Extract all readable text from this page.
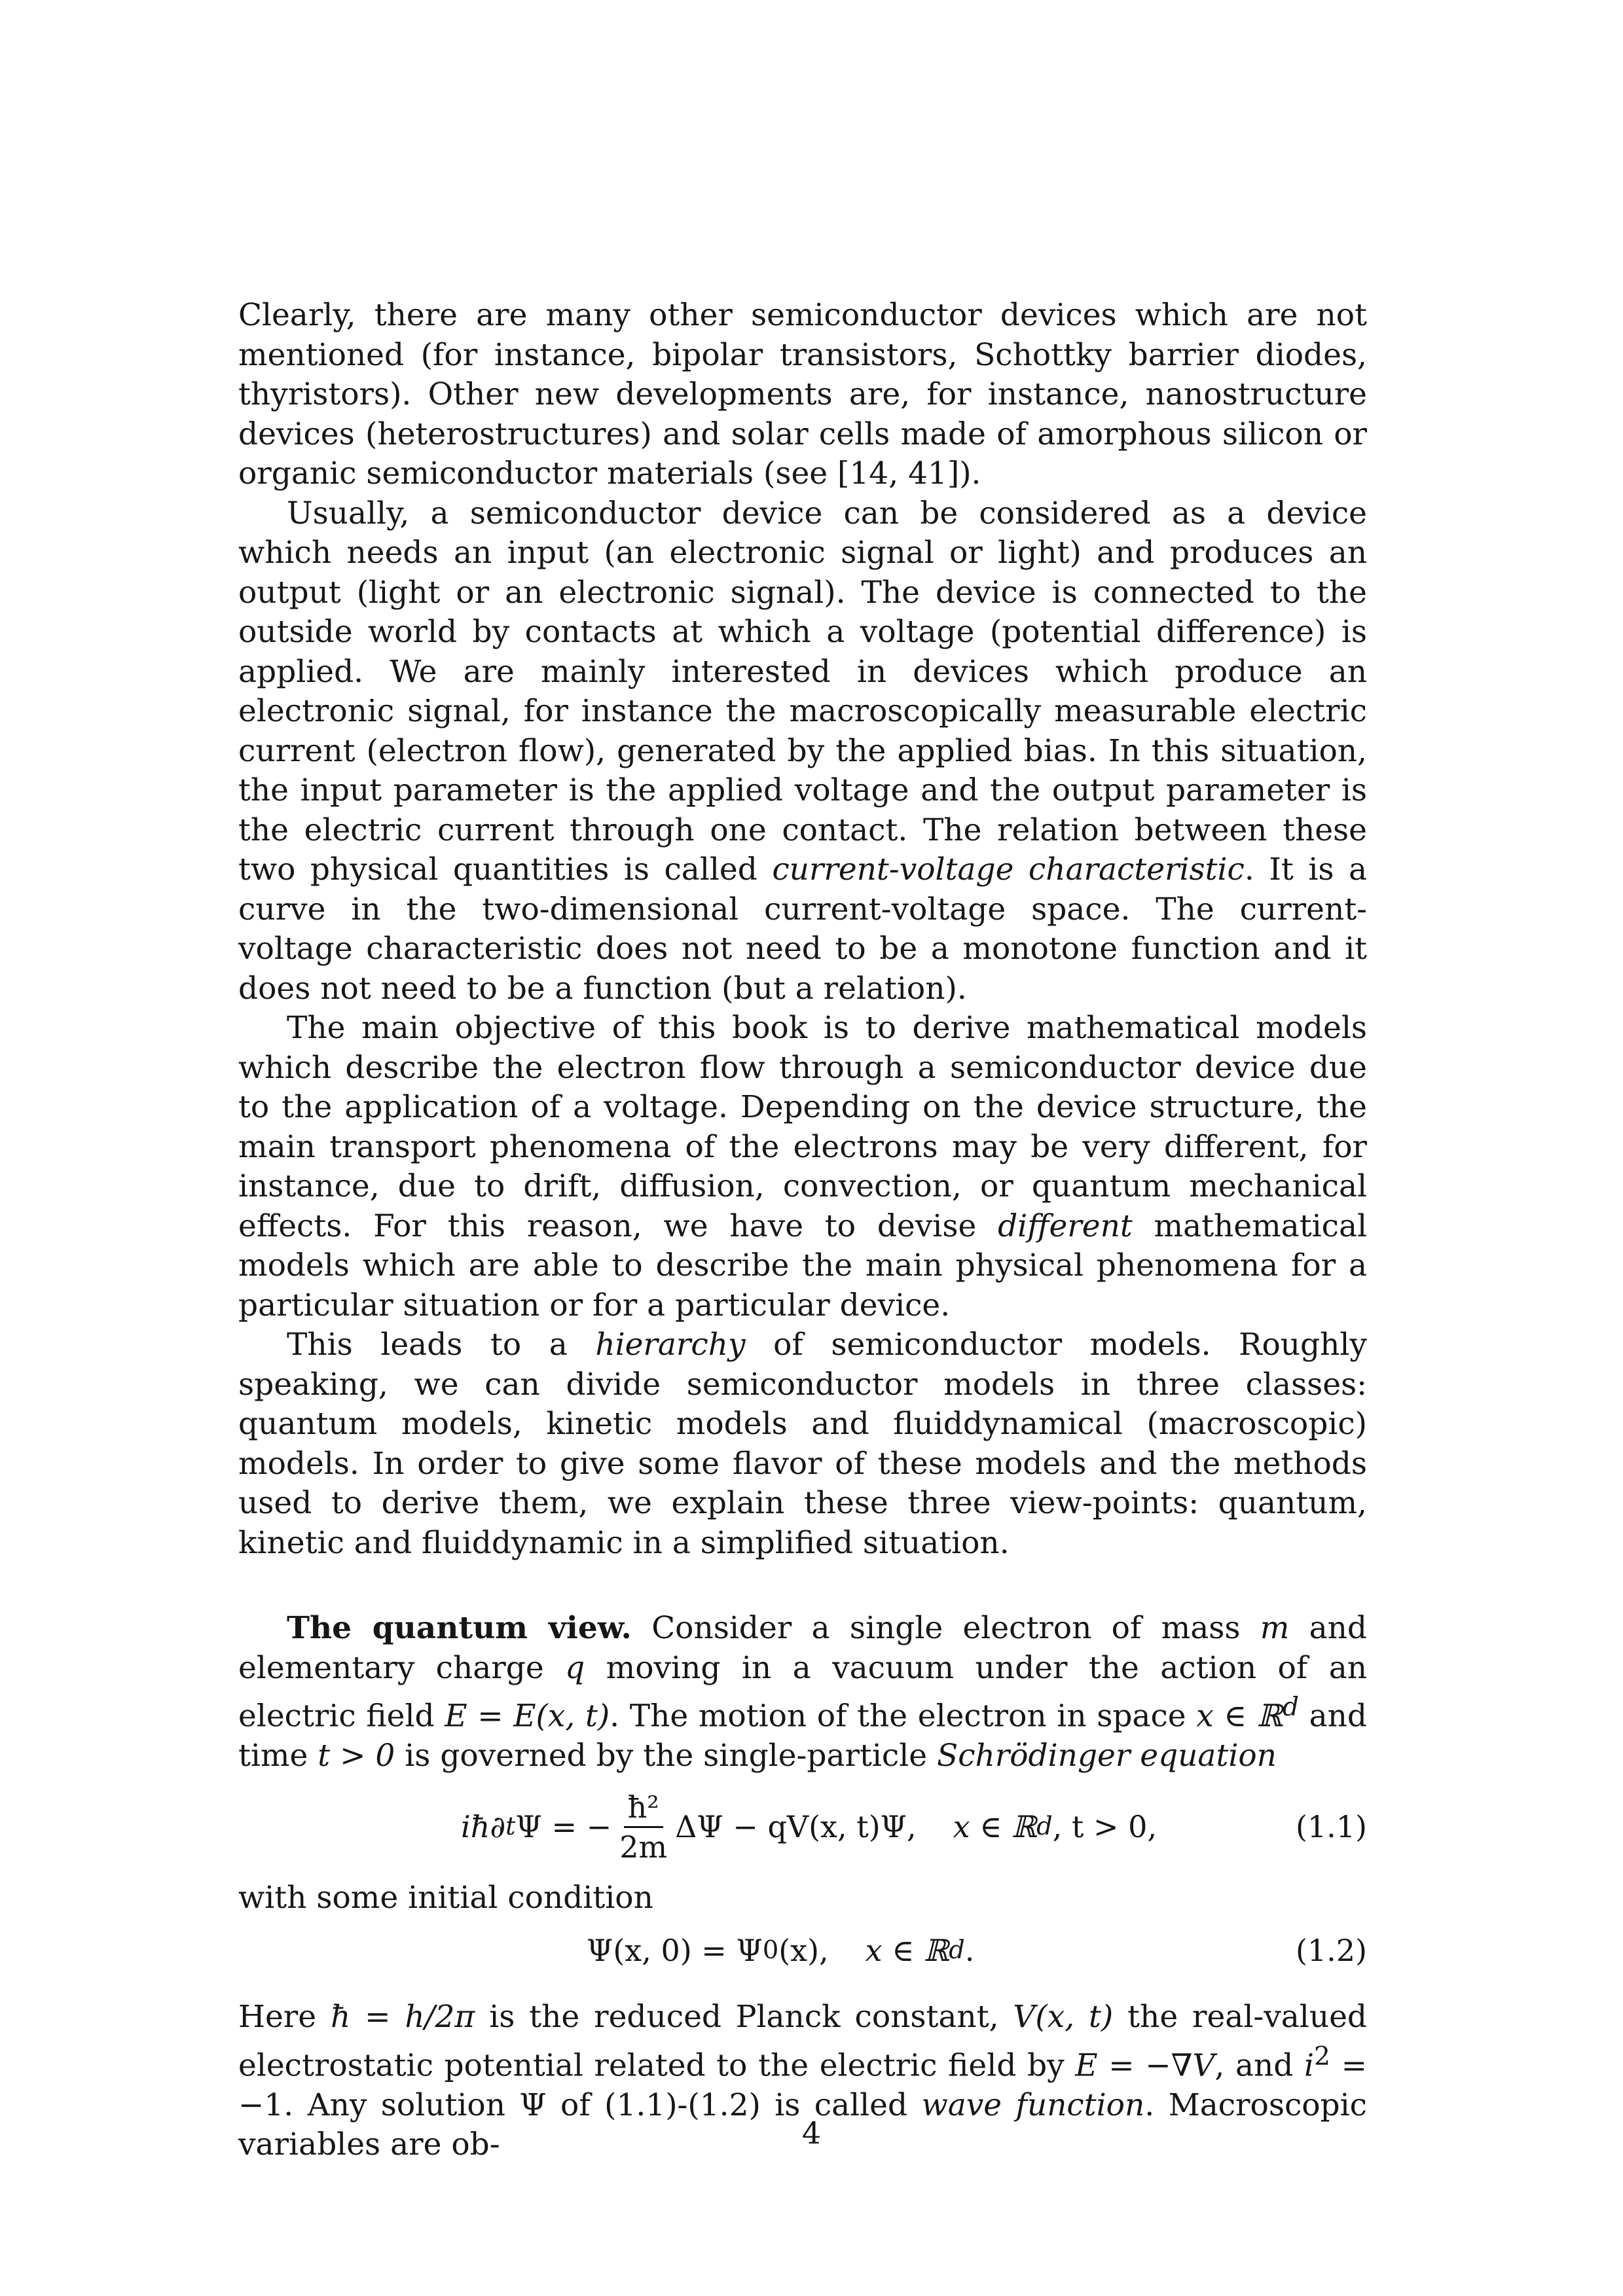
Clearly, there are many other semiconductor devices which are not mentioned (for instance, bipolar transistors, Schottky barrier diodes, thyristors). Other new developments are, for instance, nanostructure devices (heterostructures) and solar cells made of amorphous silicon or organic semiconductor materials (see [14, 41]).

Usually, a semiconductor device can be considered as a device which needs an input (an electronic signal or light) and produces an output (light or an electronic signal). The device is connected to the outside world by contacts at which a voltage (potential difference) is applied. We are mainly interested in devices which produce an electronic signal, for instance the macroscopically measurable electric current (electron flow), generated by the applied bias. In this situation, the input parameter is the applied voltage and the output parameter is the electric current through one contact. The relation between these two physical quantities is called current-voltage characteristic. It is a curve in the two-dimensional current-voltage space. The current-voltage characteristic does not need to be a monotone function and it does not need to be a function (but a relation).

The main objective of this book is to derive mathematical models which describe the electron flow through a semiconductor device due to the application of a voltage. Depending on the device structure, the main transport phenomena of the electrons may be very different, for instance, due to drift, diffusion, convection, or quantum mechanical effects. For this reason, we have to devise different mathematical models which are able to describe the main physical phenomena for a particular situation or for a particular device.

This leads to a hierarchy of semiconductor models. Roughly speaking, we can divide semiconductor models in three classes: quantum models, kinetic models and fluiddynamical (macroscopic) models. In order to give some flavor of these models and the methods used to derive them, we explain these three view-points: quantum, kinetic and fluiddynamic in a simplified situation.

The quantum view. Consider a single electron of mass m and elementary charge q moving in a vacuum under the action of an electric field E = E(x, t). The motion of the electron in space x ∈ ℝ$^d$ and time t > 0 is governed by the single-particle Schrödinger equation

iħ∂ t Ψ = − $\frac{\text{ħ²}}{2m}$ ΔΨ − qV(x, t)Ψ, x ∈ ℝ d , t > 0,	(1.1)

with some initial condition

Ψ(x, 0) = Ψ 0 (x), x ∈ ℝ d .	(1.2)

Here ħ = h/2π is the reduced Planck constant, V(x, t) the real-valued electrostatic potential related to the electric field by E = −∇V, and $i^2 = -1$. Any solution Ψ of (1.1)-(1.2) is called wave function. Macroscopic variables are ob-	4
